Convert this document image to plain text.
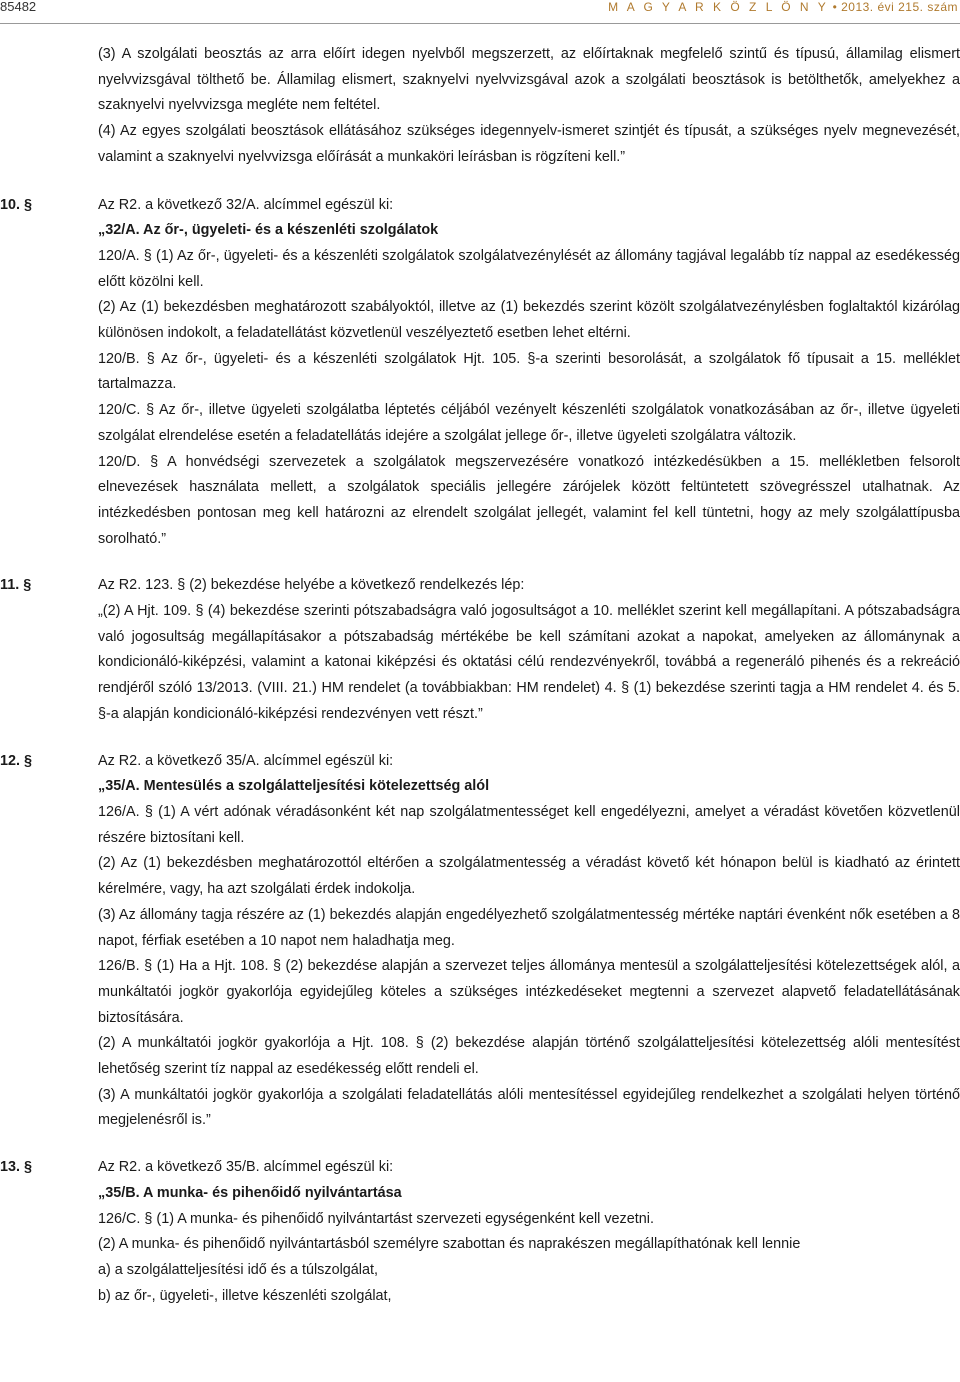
85482	M A G Y A R K Ö Z L Ö N Y • 2013. évi 215. szám

(3) A szolgálati beosztás az arra előírt idegen nyelvből megszerzett, az előírtaknak megfelelő szintű és típusú, államilag elismert nyelvvizsgával tölthető be. Államilag elismert, szaknyelvi nyelvvizsgával azok a szolgálati beosztások is betölthetők, amelyekhez a szaknyelvi nyelvvizsga megléte nem feltétel.

(4) Az egyes szolgálati beosztások ellátásához szükséges idegennyelv-ismeret szintjét és típusát, a szükséges nyelv megnevezését, valamint a szaknyelvi nyelvvizsga előírását a munkaköri leírásban is rögzíteni kell.”

10. §	Az R2. a következő 32/A. alcímmel egészül ki:

„32/A. Az őr-, ügyeleti- és a készenléti szolgálatok

120/A. § (1) Az őr-, ügyeleti- és a készenléti szolgálatok szolgálatvezénylését az állomány tagjával legalább tíz nappal az esedékesség előtt közölni kell.

(2) Az (1) bekezdésben meghatározott szabályoktól, illetve az (1) bekezdés szerint közölt szolgálatvezénylésben foglaltaktól kizárólag különösen indokolt, a feladatellátást közvetlenül veszélyeztető esetben lehet eltérni.

120/B. § Az őr-, ügyeleti- és a készenléti szolgálatok Hjt. 105. §-a szerinti besorolását, a szolgálatok fő típusait a 15. melléklet tartalmazza.

120/C. § Az őr-, illetve ügyeleti szolgálatba léptetés céljából vezényelt készenléti szolgálatok vonatkozásában az őr-, illetve ügyeleti szolgálat elrendelése esetén a feladatellátás idejére a szolgálat jellege őr-, illetve ügyeleti szolgálatra változik.

120/D. § A honvédségi szervezetek a szolgálatok megszervezésére vonatkozó intézkedésükben a 15. mellékletben felsorolt elnevezések használata mellett, a szolgálatok speciális jellegére zárójelek között feltüntetett szövegrésszel utalhatnak. Az intézkedésben pontosan meg kell határozni az elrendelt szolgálat jellegét, valamint fel kell tüntetni, hogy az mely szolgálattípusba sorolható.”

11. §	Az R2. 123. § (2) bekezdése helyébe a következő rendelkezés lép:

„(2) A Hjt. 109. § (4) bekezdése szerinti pótszabadságra való jogosultságot a 10. melléklet szerint kell megállapítani. A pótszabadságra való jogosultság megállapításakor a pótszabadság mértékébe be kell számítani azokat a napokat, amelyeken az állománynak a kondicionáló-kiképzési, valamint a katonai kiképzési és oktatási célú rendezvényekről, továbbá a regeneráló pihenés és a rekreáció rendjéről szóló 13/2013. (VIII. 21.) HM rendelet (a továbbiakban: HM rendelet) 4. § (1) bekezdése szerinti tagja a HM rendelet 4. és 5. §-a alapján kondicionáló-kiképzési rendezvényen vett részt.”

12. §	Az R2. a következő 35/A. alcímmel egészül ki:

„35/A. Mentesülés a szolgálatteljesítési kötelezettség alól

126/A. § (1) A vért adónak véradásonként két nap szolgálatmentességet kell engedélyezni, amelyet a véradást követően közvetlenül részére biztosítani kell.

(2) Az (1) bekezdésben meghatározottól eltérően a szolgálatmentesség a véradást követő két hónapon belül is kiadható az érintett kérelmére, vagy, ha azt szolgálati érdek indokolja.

(3) Az állomány tagja részére az (1) bekezdés alapján engedélyezhető szolgálatmentesség mértéke naptári évenként nők esetében a 8 napot, férfiak esetében a 10 napot nem haladhatja meg.

126/B. § (1) Ha a Hjt. 108. § (2) bekezdése alapján a szervezet teljes állománya mentesül a szolgálatteljesítési kötelezettségek alól, a munkáltatói jogkör gyakorlója egyidejűleg köteles a szükséges intézkedéseket megtenni a szervezet alapvető feladatellátásának biztosítására.

(2) A munkáltatói jogkör gyakorlója a Hjt. 108. § (2) bekezdése alapján történő szolgálatteljesítési kötelezettség alóli mentesítést lehetőség szerint tíz nappal az esedékesség előtt rendeli el.

(3) A munkáltatói jogkör gyakorlója a szolgálati feladatellátás alóli mentesítéssel egyidejűleg rendelkezhet a szolgálati helyen történő megjelenésről is.”

13. §	Az R2. a következő 35/B. alcímmel egészül ki:

„35/B. A munka- és pihenőidő nyilvántartása

126/C. § (1) A munka- és pihenőidő nyilvántartást szervezeti egységenként kell vezetni.

(2) A munka- és pihenőidő nyilvántartásból személyre szabottan és naprakészen megállapíthatónak kell lennie

a) a szolgálatteljesítési idő és a túlszolgálat,

b) az őr-, ügyeleti-, illetve készenléti szolgálat,
